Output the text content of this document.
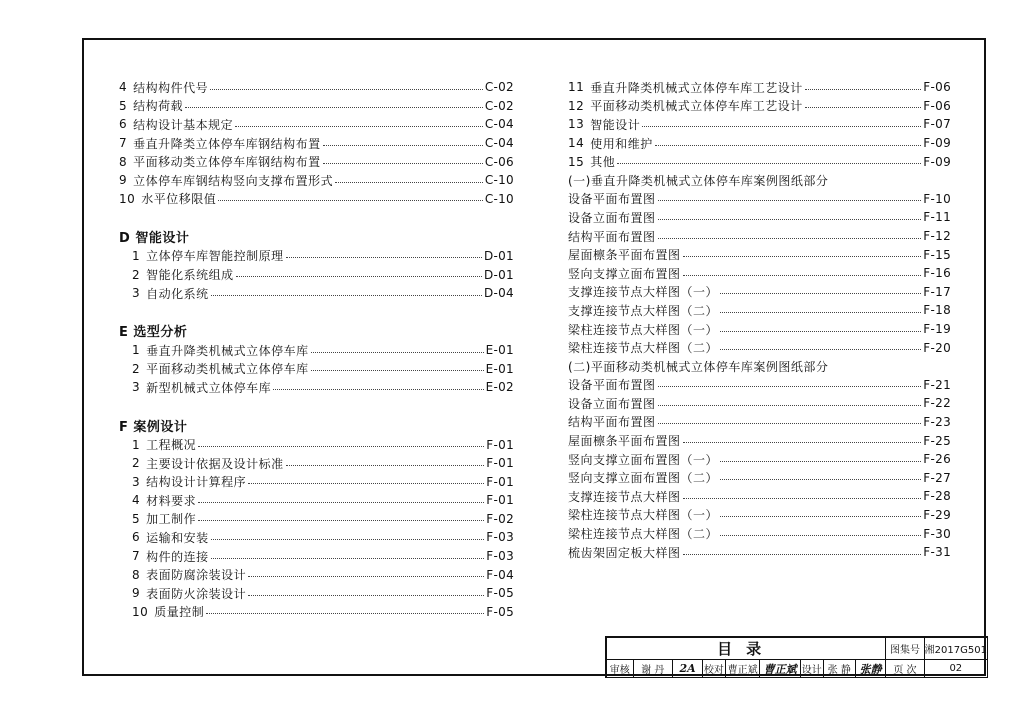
4 结构构件代号	C-02
5 结构荷载	C-02
6 结构设计基本规定	C-04
7 垂直升降类立体停车库钢结构布置	C-04
8 平面移动类立体停车库钢结构布置	C-06
9 立体停车库钢结构竖向支撑布置形式	C-10
10 水平位移限值	C-10
D 智能设计
1 立体停车库智能控制原理	D-01
2 智能化系统组成	D-01
3 自动化系统	D-04
E 选型分析
1 垂直升降类机械式立体停车库	E-01
2 平面移动类机械式立体停车库	E-01
3 新型机械式立体停车库	E-02
F 案例设计
1 工程概况	F-01
2 主要设计依据及设计标准	F-01
3 结构设计计算程序	F-01
4 材料要求	F-01
5 加工制作	F-02
6 运输和安装	F-03
7 构件的连接	F-03
8 表面防腐涂装设计	F-04
9 表面防火涂装设计	F-05
10 质量控制	F-05
11 垂直升降类机械式立体停车库工艺设计	F-06
12 平面移动类机械式立体停车库工艺设计	F-06
13 智能设计	F-07
14 使用和维护	F-09
15 其他	F-09
(一)垂直升降类机械式立体停车库案例图纸部分
设备平面布置图	F-10
设备立面布置图	F-11
结构平面布置图	F-12
屋面檩条平面布置图	F-15
竖向支撑立面布置图	F-16
支撑连接节点大样图（一）	F-17
支撑连接节点大样图（二）	F-18
梁柱连接节点大样图（一）	F-19
梁柱连接节点大样图（二）	F-20
(二)平面移动类机械式立体停车库案例图纸部分
设备平面布置图	F-21
设备立面布置图	F-22
结构平面布置图	F-23
屋面檩条平面布置图	F-25
竖向支撑立面布置图（一）	F-26
竖向支撑立面布置图（二）	F-27
支撑连接节点大样图	F-28
梁柱连接节点大样图（一）	F-29
梁柱连接节点大样图（二）	F-30
梳齿架固定板大样图	F-31
目录									图集号	湘2017G501
审核	谢 丹	2A	校对	曹正斌	曹正斌	设计	张 静	张静	页 次	02
